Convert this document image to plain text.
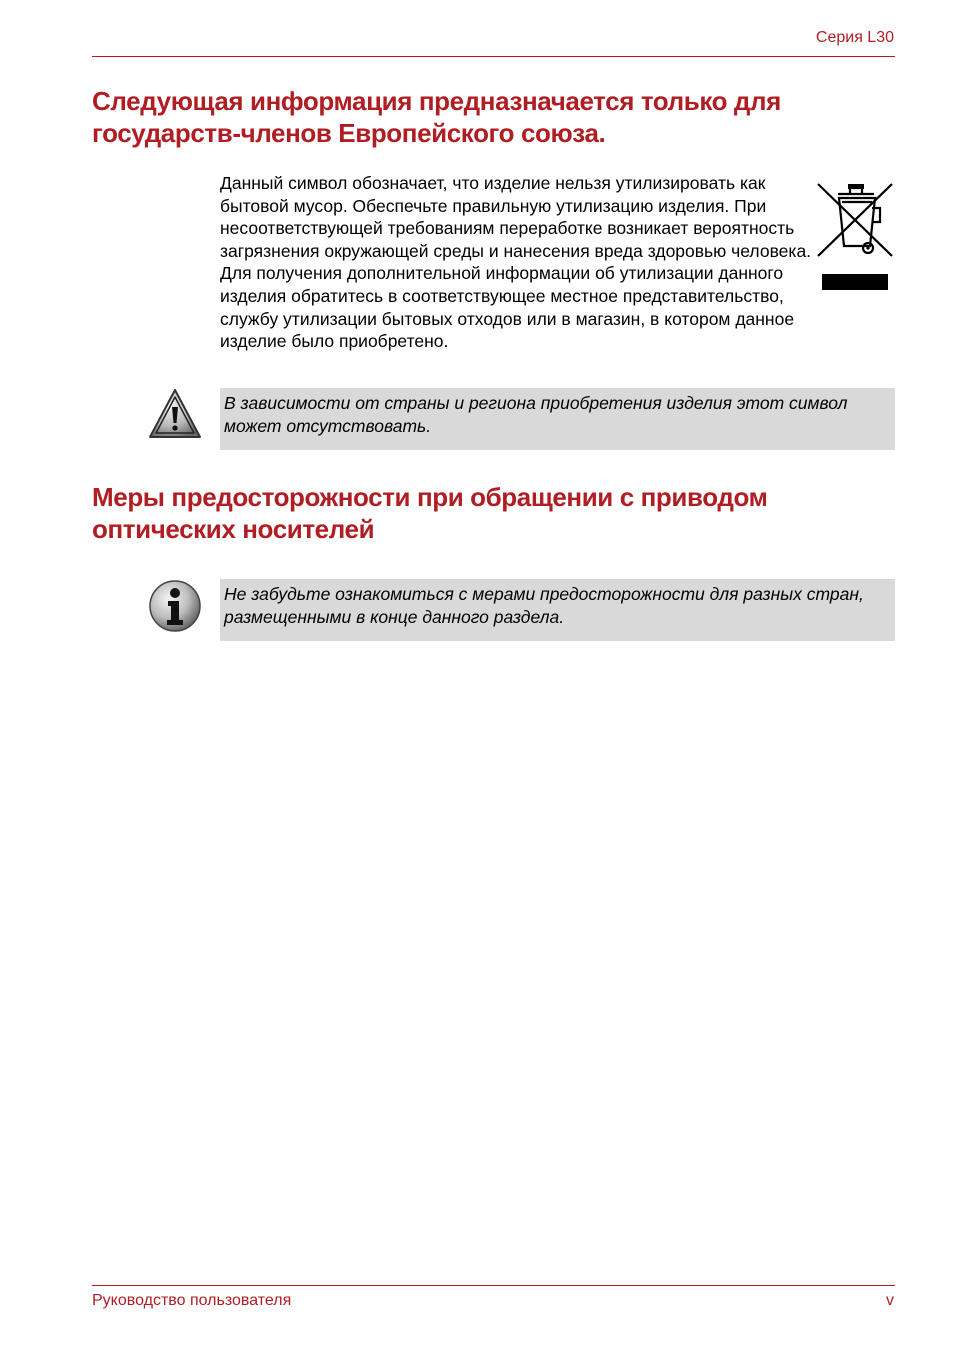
Серия L30
Следующая информация предназначается только для государств-членов Европейского союза.

Данный символ обозначает, что изделие нельзя утилизировать как бытовой мусор. Обеспечьте правильную утилизацию изделия. При несоответствующей требованиям переработке возникает вероятность загрязнения окружающей среды и нанесения вреда здоровью человека. Для получения дополнительной информации об утилизации данного изделия обратитесь в соответствующее местное представительство, службу утилизации бытовых отходов или в магазин, в котором данное изделие было приобретено.

В зависимости от страны и региона приобретения изделия этот символ может отсутствовать.
Меры предосторожности при обращении с приводом оптических носителей
Не забудьте ознакомиться с мерами предосторожности для разных стран, размещенными в конце данного раздела.
Руководство пользователя	v
